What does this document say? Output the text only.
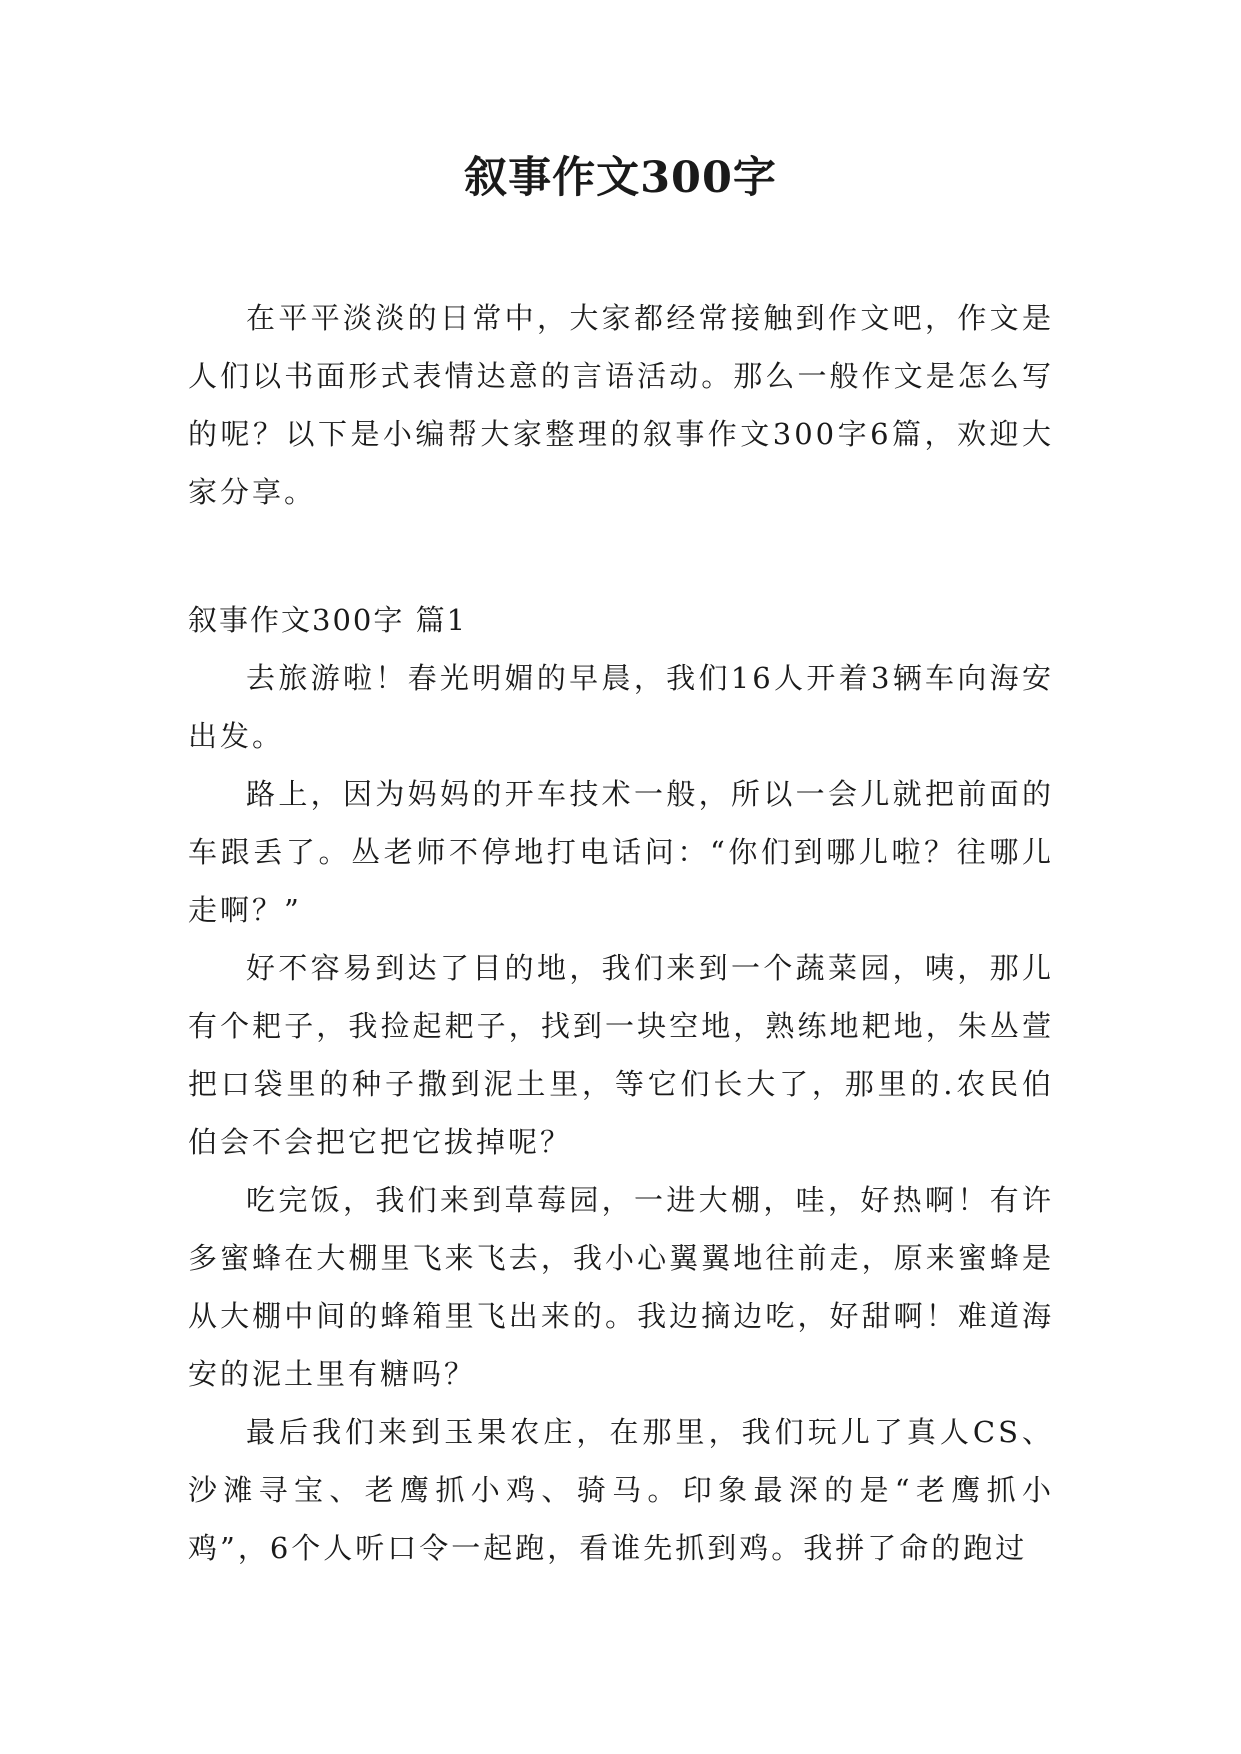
叙事作文300字

在平平淡淡的日常中，大家都经常接触到作文吧，作文是人们以书面形式表情达意的言语活动。那么一般作文是怎么写的呢？以下是小编帮大家整理的叙事作文300字6篇，欢迎大家分享。

叙事作文300字 篇1

去旅游啦！春光明媚的早晨，我们16人开着3辆车向海安出发。

路上，因为妈妈的开车技术一般，所以一会儿就把前面的车跟丢了。丛老师不停地打电话问：“你们到哪儿啦？往哪儿走啊？”

好不容易到达了目的地，我们来到一个蔬菜园，咦，那儿有个耙子，我捡起耙子，找到一块空地，熟练地耙地，朱丛萱把口袋里的种子撒到泥土里，等它们长大了，那里的.农民伯伯会不会把它把它拔掉呢？

吃完饭，我们来到草莓园，一进大棚，哇，好热啊！有许多蜜蜂在大棚里飞来飞去，我小心翼翼地往前走，原来蜜蜂是从大棚中间的蜂箱里飞出来的。我边摘边吃，好甜啊！难道海安的泥土里有糖吗？

最后我们来到玉果农庄，在那里，我们玩儿了真人CS、沙滩寻宝、老鹰抓小鸡、骑马。印象最深的是“老鹰抓小鸡”，6个人听口令一起跑，看谁先抓到鸡。我拼了命的跑过
